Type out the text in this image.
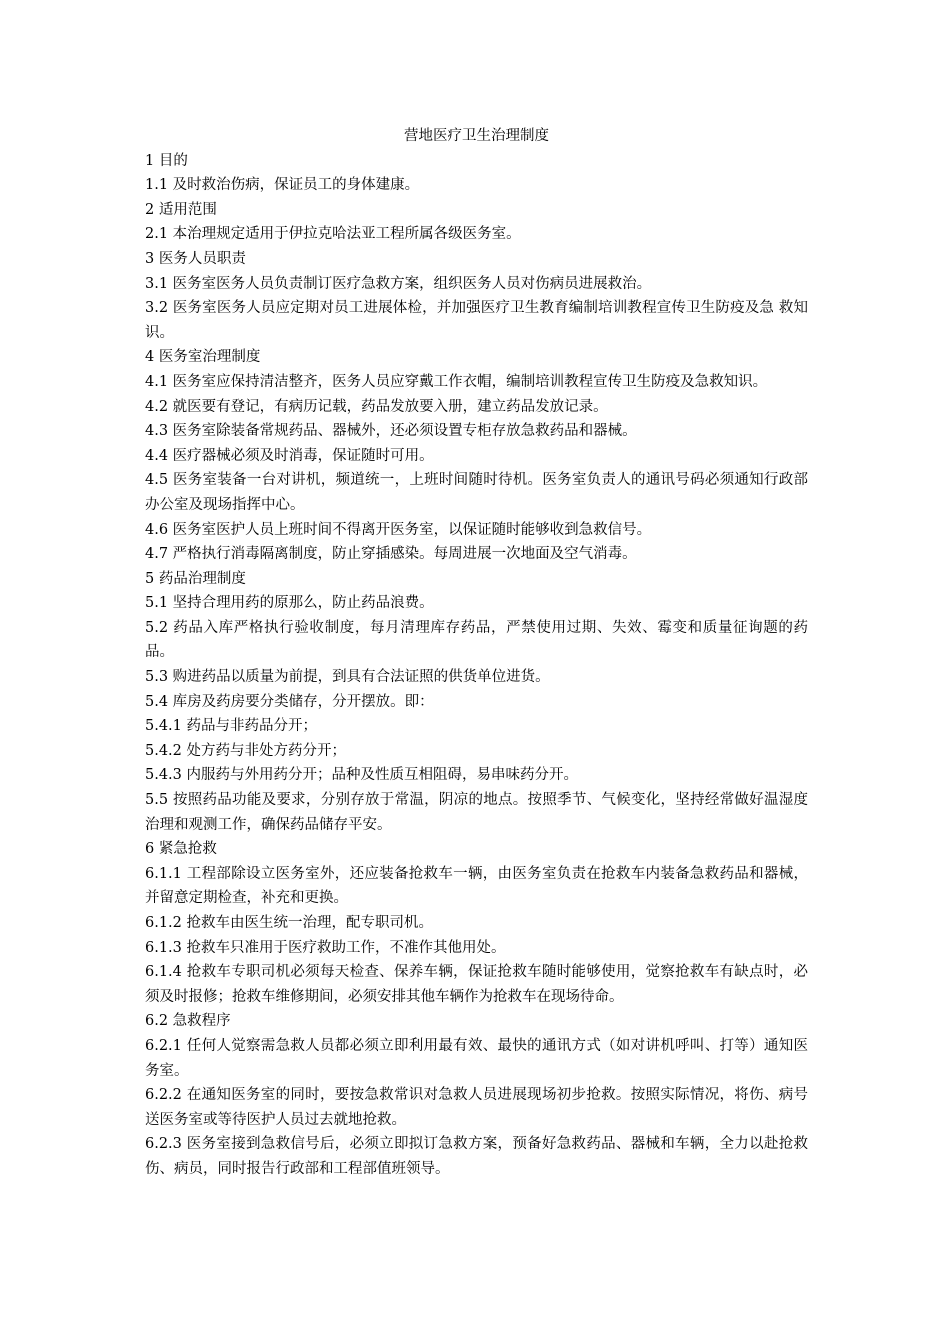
营地医疗卫生治理制度

1 目的

1.1 及时救治伤病，保证员工的身体建康。

2 适用范围

2.1 本治理规定适用于伊拉克哈法亚工程所属各级医务室。

3 医务人员职责

3.1 医务室医务人员负责制订医疗急救方案，组织医务人员对伤病员进展救治。

3.2 医务室医务人员应定期对员工进展体检，并加强医疗卫生教育编制培训教程宣传卫生防疫及急 救知识。

4 医务室治理制度

4.1 医务室应保持清洁整齐，医务人员应穿戴工作衣帽，编制培训教程宣传卫生防疫及急救知识。

4.2 就医要有登记，有病历记载，药品发放要入册，建立药品发放记录。

4.3 医务室除装备常规药品、器械外，还必须设置专柜存放急救药品和器械。

4.4 医疗器械必须及时消毒，保证随时可用。

4.5 医务室装备一台对讲机，频道统一，上班时间随时待机。医务室负责人的通讯号码必须通知行政部办公室及现场指挥中心。

4.6 医务室医护人员上班时间不得离开医务室，以保证随时能够收到急救信号。

4.7 严格执行消毒隔离制度，防止穿插感染。每周进展一次地面及空气消毒。

5 药品治理制度

5.1 坚持合理用药的原那么，防止药品浪费。

5.2 药品入库严格执行验收制度，每月清理库存药品，严禁使用过期、失效、霉变和质量征询题的药品。

5.3 购进药品以质量为前提，到具有合法证照的供货单位进货。

5.4 库房及药房要分类储存，分开摆放。即：

5.4.1 药品与非药品分开；

5.4.2 处方药与非处方药分开；

5.4.3 内服药与外用药分开；品种及性质互相阻碍，易串味药分开。

5.5 按照药品功能及要求，分别存放于常温，阴凉的地点。按照季节、气候变化，坚持经常做好温湿度治理和观测工作，确保药品储存平安。

6 紧急抢救

6.1.1 工程部除设立医务室外，还应装备抢救车一辆，由医务室负责在抢救车内装备急救药品和器械，并留意定期检查，补充和更换。

6.1.2 抢救车由医生统一治理，配专职司机。

6.1.3 抢救车只准用于医疗救助工作，不准作其他用处。

6.1.4 抢救车专职司机必须每天检查、保养车辆，保证抢救车随时能够使用，觉察抢救车有缺点时，必须及时报修；抢救车维修期间，必须安排其他车辆作为抢救车在现场待命。

6.2 急救程序

6.2.1 任何人觉察需急救人员都必须立即利用最有效、最快的通讯方式（如对讲机呼叫、打等）通知医务室。

6.2.2 在通知医务室的同时，要按急救常识对急救人员进展现场初步抢救。按照实际情况，将伤、病号送医务室或等待医护人员过去就地抢救。

6.2.3 医务室接到急救信号后，必须立即拟订急救方案，预备好急救药品、器械和车辆，全力以赴抢救伤、病员，同时报告行政部和工程部值班领导。
